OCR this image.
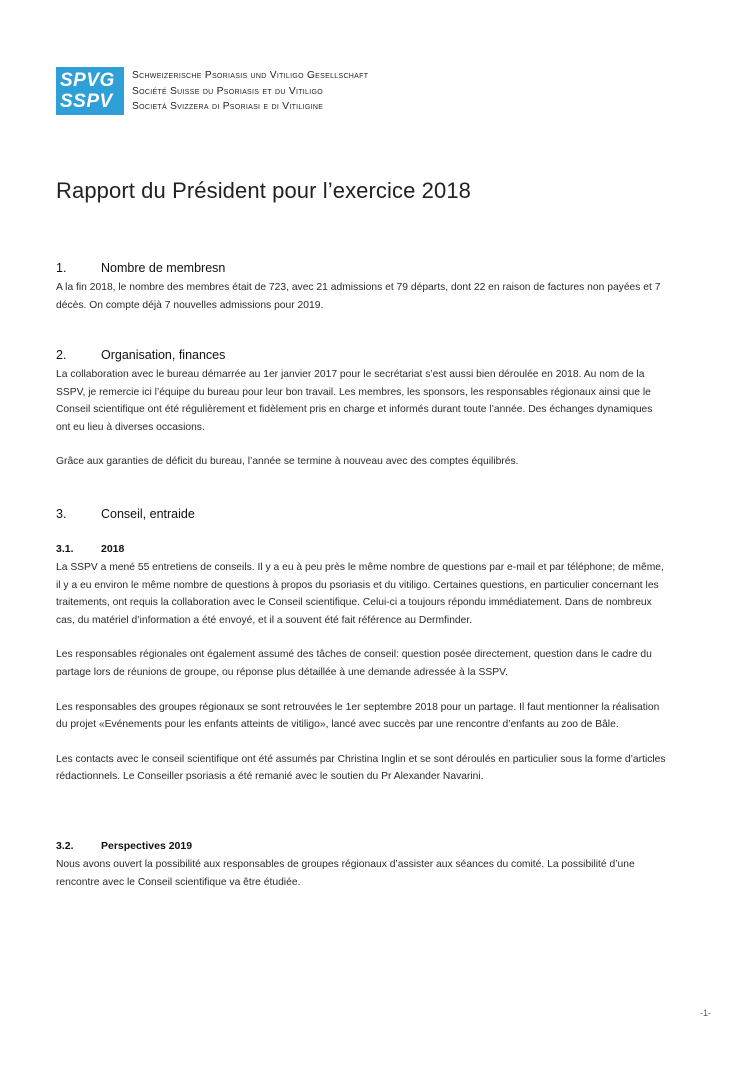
SPVG
SSPV
Schweizerische Psoriasis und Vitiligo Gesellschaft
Société Suisse du Psoriasis et du Vitiligo
Società Svizzera di Psoriasi e di Vitiligine
Rapport du Président pour l’exercice 2018
1.	Nombre de membresn

A la fin 2018, le nombre des membres était de 723, avec 21 admissions et 79 départs, dont 22 en raison de factures non payées et 7 décès. On compte déjà 7 nouvelles admissions pour 2019.

2.	Organisation, finances

La collaboration avec le bureau démarrée au 1er janvier 2017 pour le secrétariat s’est aussi bien déroulée en 2018. Au nom de la SSPV, je remercie ici l’équipe du bureau pour leur bon travail. Les membres, les sponsors, les responsables régionaux ainsi que le Conseil scientifique ont été régulièrement et fidèlement pris en charge et informés durant toute l’année. Des échanges dynamiques ont eu lieu à diverses occasions.

Grâce aux garanties de déficit du bureau, l’année se termine à nouveau avec des comptes équilibrés.

3.	Conseil, entraide
3.1.	2018

La SSPV a mené 55 entretiens de conseils. Il y a eu à peu près le même nombre de questions par e-mail et par téléphone; de même, il y a eu environ le même nombre de questions à propos du psoriasis et du vitiligo. Certaines questions, en particulier concernant les traitements, ont requis la collaboration avec le Conseil scientifique. Celui-ci a toujours répondu immédiatement. Dans de nombreux cas, du matériel d’information a été envoyé, et il a souvent été fait référence au Dermfinder.

Les responsables régionales ont également assumé des tâches de conseil: question posée directement, question dans le cadre du partage lors de réunions de groupe, ou réponse plus détaillée à une demande adressée à la SSPV.

Les responsables des groupes régionaux se sont retrouvées le 1er septembre 2018 pour un partage. Il faut mentionner la réalisation du projet «Evénements pour les enfants atteints de vitiligo», lancé avec succès par une rencontre d’enfants au zoo de Bâle.

Les contacts avec le conseil scientifique ont été assumés par Christina Inglin et se sont déroulés en particulier sous la forme d’articles rédactionnels. Le Conseiller psoriasis a été remanié avec le soutien du Pr Alexander Navarini.

3.2.	Perspectives 2019

Nous avons ouvert la possibilité aux responsables de groupes régionaux d’assister aux séances du comité. La possibilité d’une rencontre avec le Conseil scientifique va être étudiée.

-1-
